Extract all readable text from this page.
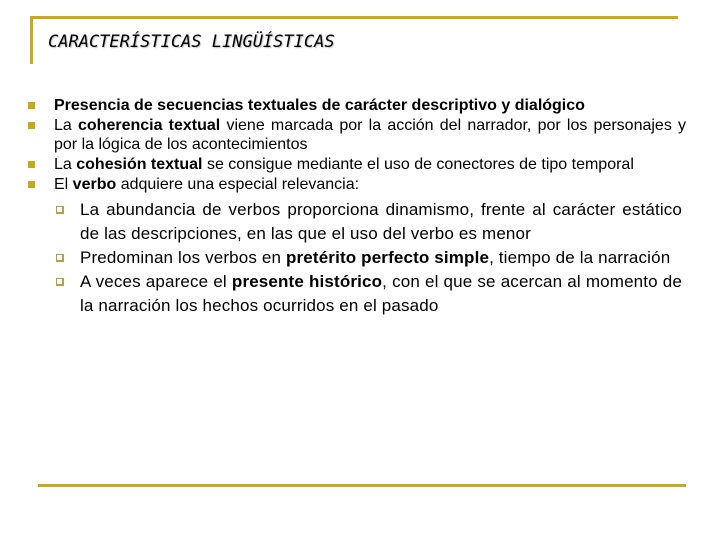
CARACTERÍSTICAS LINGÜÍSTICAS
Presencia de secuencias textuales de carácter descriptivo y dialógico
La coherencia textual viene marcada por la acción del narrador, por los personajes y por la lógica de los acontecimientos
La cohesión textual se consigue mediante el uso de conectores de tipo temporal
El verbo adquiere una especial relevancia:
La abundancia de verbos proporciona dinamismo, frente al carácter estático de las descripciones, en las que el uso del verbo es menor
Predominan los verbos en pretérito perfecto simple, tiempo de la narración
A veces aparece el presente histórico, con el que se acercan al momento de la narración los hechos ocurridos en el pasado
